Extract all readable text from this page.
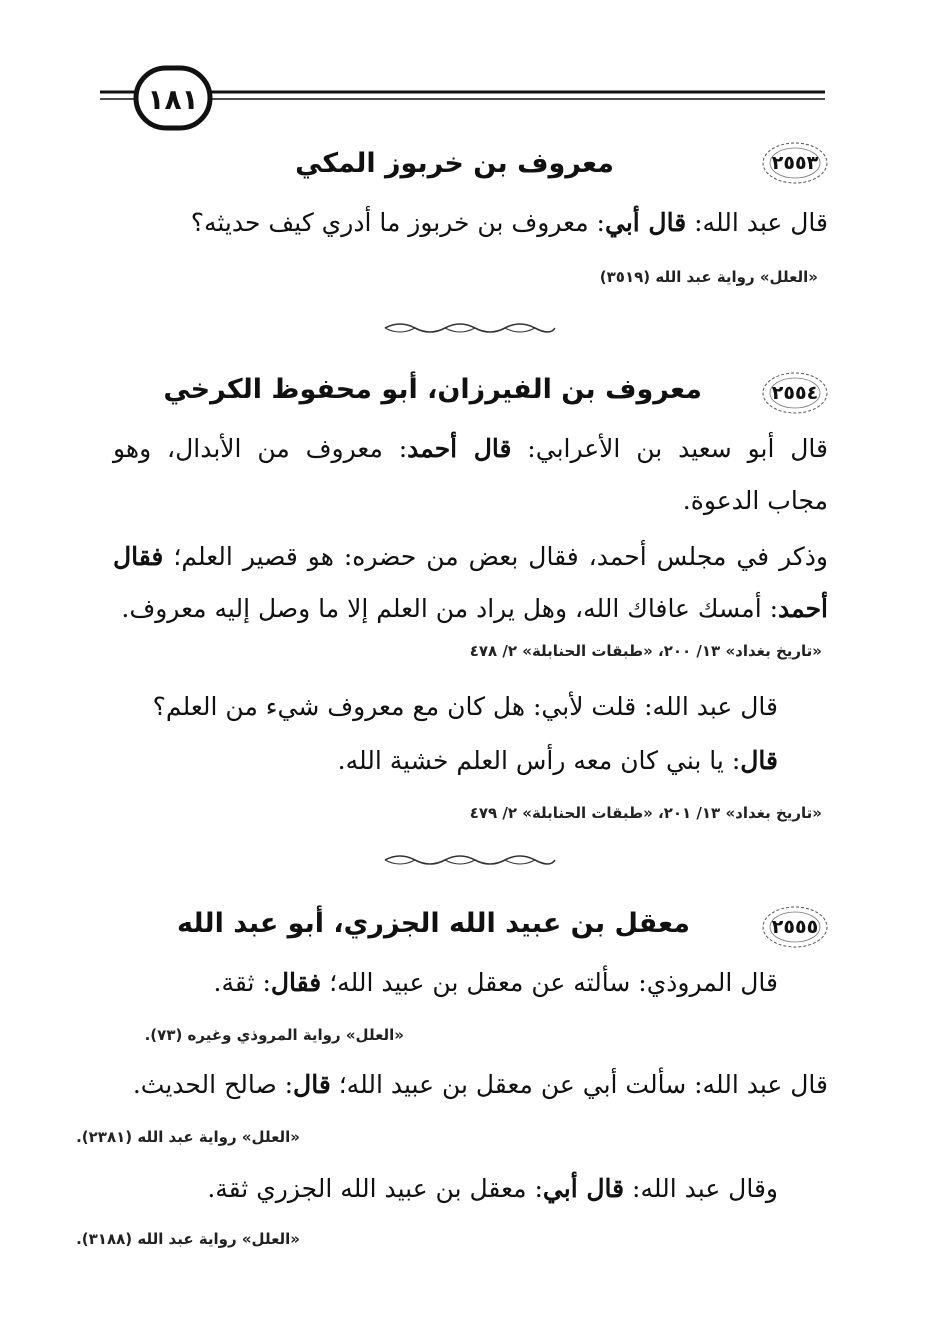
١٨١
٢٥٥٣
معروف بن خربوز المكي
قال عبد الله: قال أبي: معروف بن خربوز ما أدري كيف حديثه؟
«العلل» رواية عبد الله (٣٥١٩)
٢٥٥٤
معروف بن الفيرزان، أبو محفوظ الكرخي
قال أبو سعيد بن الأعرابي: قال أحمد: معروف من الأبدال، وهو
مجاب الدعوة.
وذكر في مجلس أحمد، فقال بعض من حضره: هو قصير العلم؛ فقال
أحمد: أمسك عافاك الله، وهل يراد من العلم إلا ما وصل إليه معروف.
«تاريخ بغداد» ١٣/ ٢٠٠، «طبقات الحنابلة» ٢/ ٤٧٨
قال عبد الله: قلت لأبي: هل كان مع معروف شيء من العلم؟
قال: يا بني كان معه رأس العلم خشية الله.
«تاريخ بغداد» ١٣/ ٢٠١، «طبقات الحنابلة» ٢/ ٤٧٩
٢٥٥٥
معقل بن عبيد الله الجزري، أبو عبد الله
قال المروذي: سألته عن معقل بن عبيد الله؛ فقال: ثقة.
«العلل» رواية المروذي وغيره (٧٣).
قال عبد الله: سألت أبي عن معقل بن عبيد الله؛ قال: صالح الحديث.
«العلل» رواية عبد الله (٢٣٨١).
وقال عبد الله: قال أبي: معقل بن عبيد الله الجزري ثقة.
«العلل» رواية عبد الله (٣١٨٨).
